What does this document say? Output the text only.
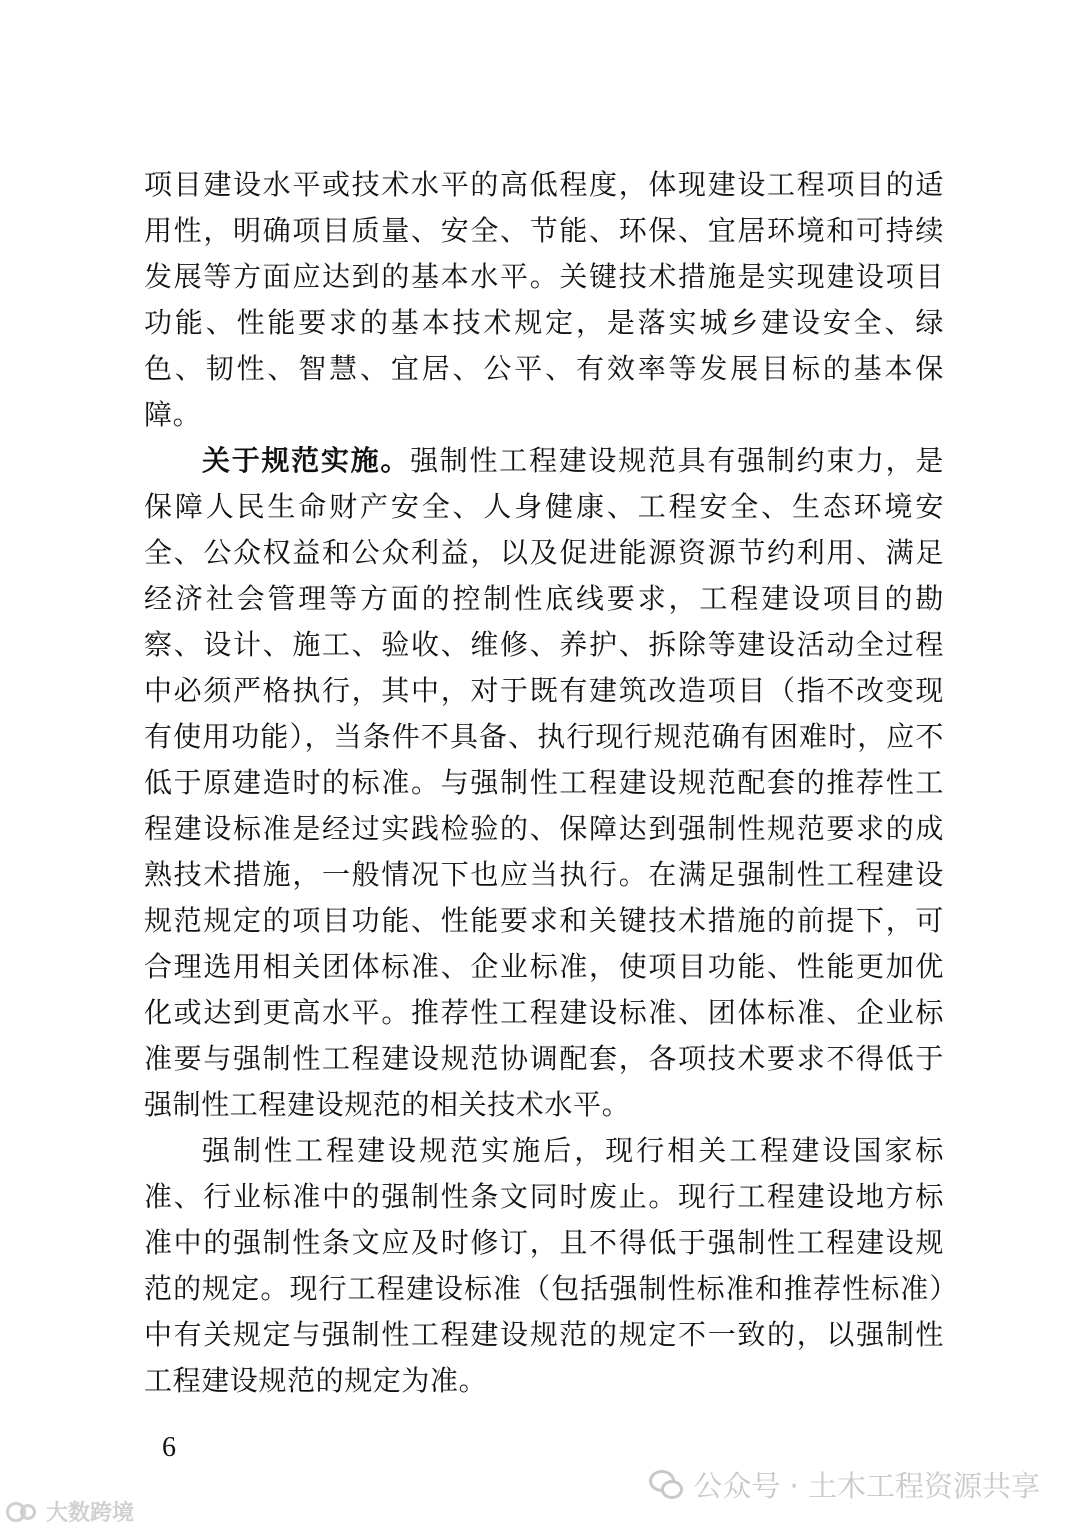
项目建设水平或技术水平的高低程度，体现建设工程项目的适用性，明确项目质量、安全、节能、环保、宜居环境和可持续发展等方面应达到的基本水平。关键技术措施是实现建设项目功能、性能要求的基本技术规定，是落实城乡建设安全、绿色、韧性、智慧、宜居、公平、有效率等发展目标的基本保障。

关于规范实施。强制性工程建设规范具有强制约束力，是保障人民生命财产安全、人身健康、工程安全、生态环境安全、公众权益和公众利益，以及促进能源资源节约利用、满足经济社会管理等方面的控制性底线要求，工程建设项目的勘察、设计、施工、验收、维修、养护、拆除等建设活动全过程中必须严格执行，其中，对于既有建筑改造项目（指不改变现有使用功能），当条件不具备、执行现行规范确有困难时，应不低于原建造时的标准。与强制性工程建设规范配套的推荐性工程建设标准是经过实践检验的、保障达到强制性规范要求的成熟技术措施，一般情况下也应当执行。在满足强制性工程建设规范规定的项目功能、性能要求和关键技术措施的前提下，可合理选用相关团体标准、企业标准，使项目功能、性能更加优化或达到更高水平。推荐性工程建设标准、团体标准、企业标准要与强制性工程建设规范协调配套，各项技术要求不得低于强制性工程建设规范的相关技术水平。

强制性工程建设规范实施后，现行相关工程建设国家标准、行业标准中的强制性条文同时废止。现行工程建设地方标准中的强制性条文应及时修订，且不得低于强制性工程建设规范的规定。现行工程建设标准（包括强制性标准和推荐性标准）中有关规定与强制性工程建设规范的规定不一致的，以强制性工程建设规范的规定为准。

6
公众号 · 土木工程资源共享
大数跨境
